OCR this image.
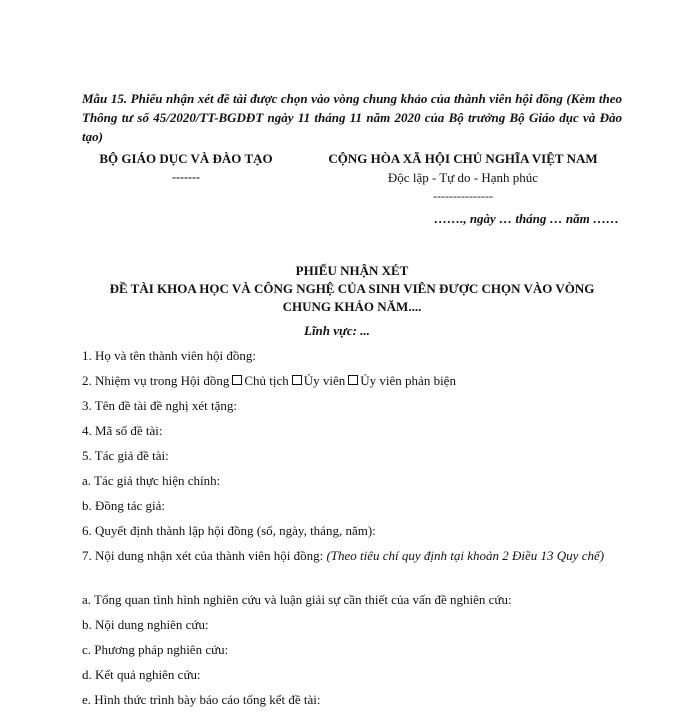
Mẫu 15. Phiếu nhận xét đề tài được chọn vào vòng chung khảo của thành viên hội đồng (Kèm theo Thông tư số 45/2020/TT-BGDĐT ngày 11 tháng 11 năm 2020 của Bộ trưởng Bộ Giáo dục và Đào tạo)
BỘ GIÁO DỤC VÀ ĐÀO TẠO
-------
CỘNG HÒA XÃ HỘI CHỦ NGHĨA VIỆT NAM
Độc lập - Tự do - Hạnh phúc
---------------
……., ngày … tháng … năm ……
PHIẾU NHẬN XÉT
ĐỀ TÀI KHOA HỌC VÀ CÔNG NGHỆ CỦA SINH VIÊN ĐƯỢC CHỌN VÀO VÒNG CHUNG KHẢO NĂM....
Lĩnh vực: ...
1. Họ và tên thành viên hội đồng:
2. Nhiệm vụ trong Hội đồng Chủ tịch Ủy viên Ủy viên phản biện
3. Tên đề tài đề nghị xét tặng:
4. Mã số đề tài:
5. Tác giả đề tài:
a. Tác giả thực hiện chính:
b. Đồng tác giả:
6. Quyết định thành lập hội đồng (số, ngày, tháng, năm):
7. Nội dung nhận xét của thành viên hội đồng: (Theo tiêu chí quy định tại khoản 2 Điều 13 Quy chế)
a. Tổng quan tình hình nghiên cứu và luận giải sự cần thiết của vấn đề nghiên cứu:
b. Nội dung nghiên cứu:
c. Phương pháp nghiên cứu:
d. Kết quả nghiên cứu:
e. Hình thức trình bày báo cáo tổng kết đề tài:
